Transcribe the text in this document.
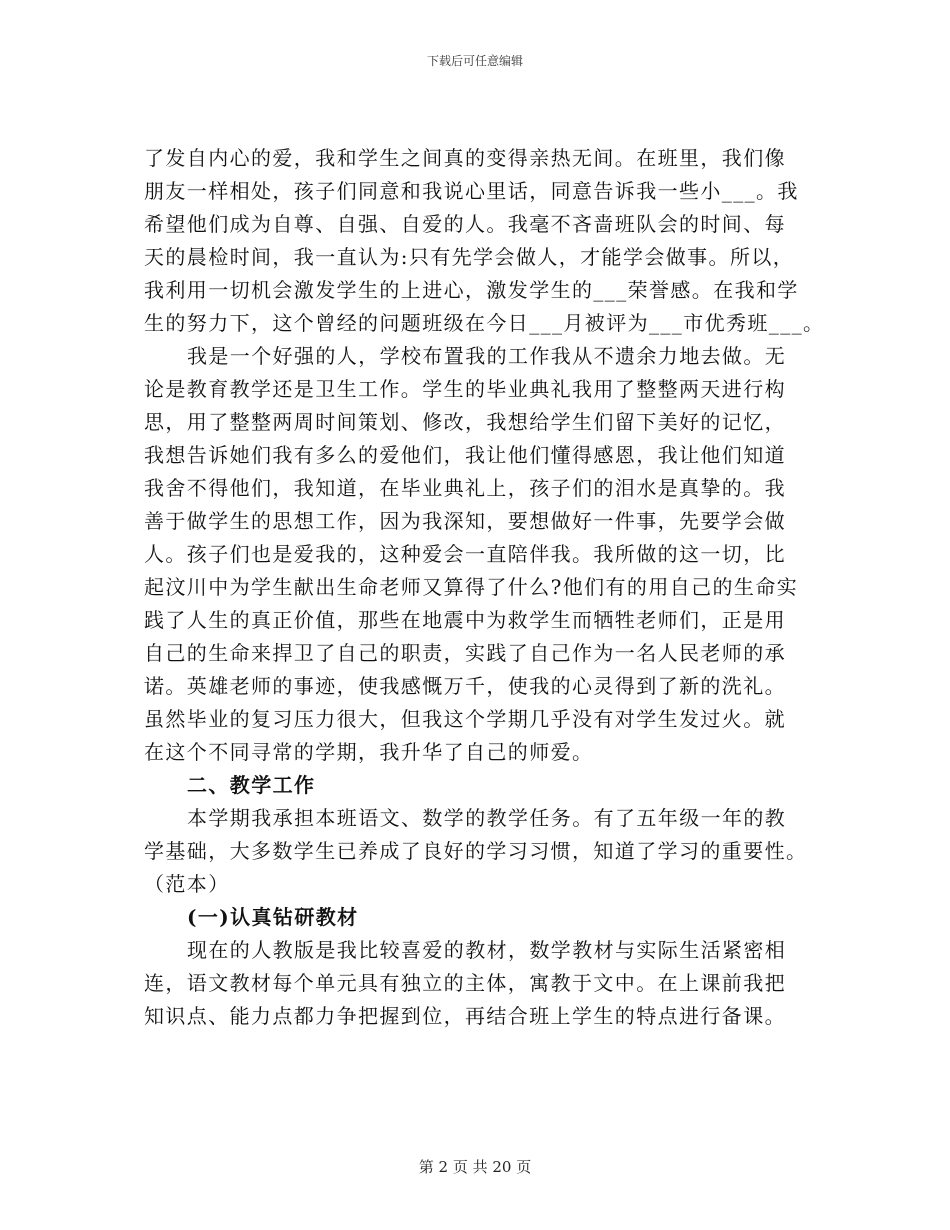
下载后可任意编辑
了发自内心的爱，我和学生之间真的变得亲热无间。在班里，我们像
朋友一样相处，孩子们同意和我说心里话，同意告诉我一些小___。我
希望他们成为自尊、自强、自爱的人。我毫不吝啬班队会的时间、每
天的晨检时间，我一直认为:只有先学会做人，才能学会做事。所以，
我利用一切机会激发学生的上进心，激发学生的___荣誉感。在我和学
生的努力下，这个曾经的问题班级在今日___月被评为___市优秀班___。
我是一个好强的人，学校布置我的工作我从不遗余力地去做。无
论是教育教学还是卫生工作。学生的毕业典礼我用了整整两天进行构
思，用了整整两周时间策划、修改，我想给学生们留下美好的记忆，
我想告诉她们我有多么的爱他们，我让他们懂得感恩，我让他们知道
我舍不得他们，我知道，在毕业典礼上，孩子们的泪水是真挚的。我
善于做学生的思想工作，因为我深知，要想做好一件事，先要学会做
人。孩子们也是爱我的，这种爱会一直陪伴我。我所做的这一切，比
起汶川中为学生献出生命老师又算得了什么?他们有的用自己的生命实
践了人生的真正价值，那些在地震中为救学生而牺牲老师们，正是用
自己的生命来捍卫了自己的职责，实践了自己作为一名人民老师的承
诺。英雄老师的事迹，使我感慨万千，使我的心灵得到了新的洗礼。
虽然毕业的复习压力很大，但我这个学期几乎没有对学生发过火。就
在这个不同寻常的学期，我升华了自己的师爱。
二、教学工作
本学期我承担本班语文、数学的教学任务。有了五年级一年的教
学基础，大多数学生已养成了良好的学习习惯，知道了学习的重要性。
（范本）
(一)认真钻研教材
现在的人教版是我比较喜爱的教材，数学教材与实际生活紧密相
连，语文教材每个单元具有独立的主体，寓教于文中。在上课前我把
知识点、能力点都力争把握到位，再结合班上学生的特点进行备课。
第 2 页 共 20 页
